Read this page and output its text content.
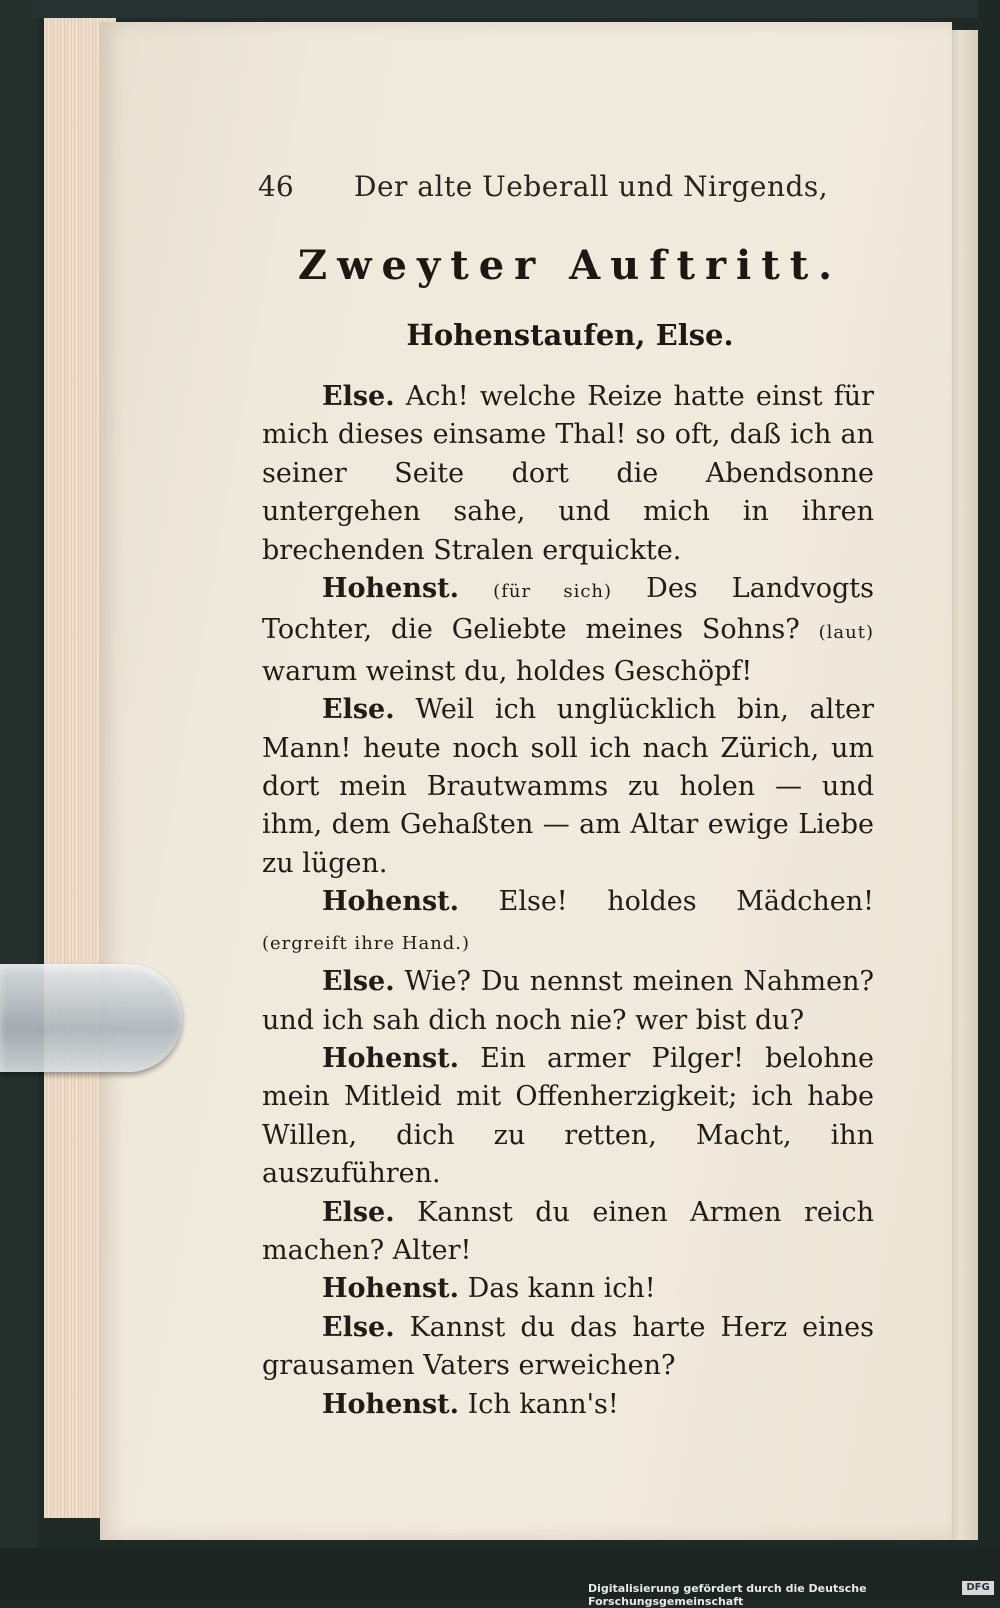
46 Der alte Ueberall und Nirgends,
Zweyter Auftritt.
Hohenstaufen, Else.

Else. Ach! welche Reize hatte einst für mich dieses einsame Thal! so oft, daß ich an seiner Seite dort die Abendsonne untergehen sahe, und mich in ihren brechenden Stralen erquickte.

Hohenst. (für sich) Des Landvogts Tochter, die Geliebte meines Sohns? (laut) warum weinst du, holdes Geschöpf!

Else. Weil ich unglücklich bin, alter Mann! heute noch soll ich nach Zürich, um dort mein Brautwamms zu holen — und ihm, dem Gehaßten — am Altar ewige Liebe zu lügen.

Hohenst. Else! holdes Mädchen! (ergreift ihre Hand.)

Else. Wie? Du nennst meinen Nahmen? und ich sah dich noch nie? wer bist du?

Hohenst. Ein armer Pilger! belohne mein Mitleid mit Offenherzigkeit; ich habe Willen, dich zu retten, Macht, ihn auszuführen.

Else. Kannst du einen Armen reich machen? Alter!

Hohenst. Das kann ich!

Else. Kannst du das harte Herz eines grausamen Vaters erweichen?

Hohenst. Ich kann's!

Digitalisierung gefördert durch die Deutsche Forschungsgemeinschaft
DFG
